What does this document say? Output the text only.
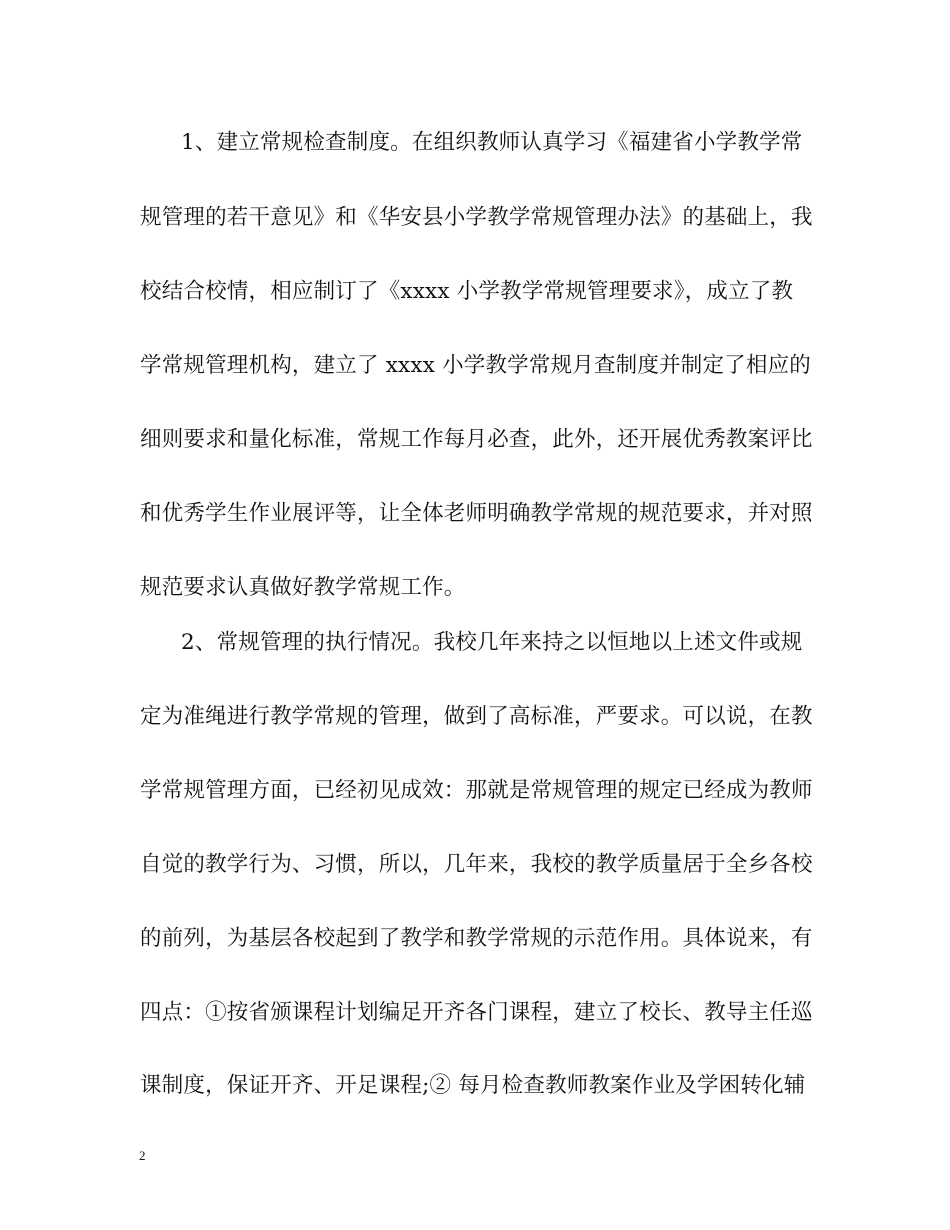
1、建立常规检查制度。在组织教师认真学习《福建省小学教学常
规管理的若干意见》和《华安县小学教学常规管理办法》的基础上，我
校结合校情，相应制订了《xxxx 小学教学常规管理要求》，成立了教
学常规管理机构，建立了 xxxx 小学教学常规月查制度并制定了相应的
细则要求和量化标准，常规工作每月必查，此外，还开展优秀教案评比
和优秀学生作业展评等，让全体老师明确教学常规的规范要求，并对照
规范要求认真做好教学常规工作。
2、常规管理的执行情况。我校几年来持之以恒地以上述文件或规
定为准绳进行教学常规的管理，做到了高标准，严要求。可以说，在教
学常规管理方面，已经初见成效：那就是常规管理的规定已经成为教师
自觉的教学行为、习惯，所以，几年来，我校的教学质量居于全乡各校
的前列，为基层各校起到了教学和教学常规的示范作用。具体说来，有
四点：①按省颁课程计划编足开齐各门课程，建立了校长、教导主任巡
课制度，保证开齐、开足课程;② 每月检查教师教案作业及学困转化辅
2
